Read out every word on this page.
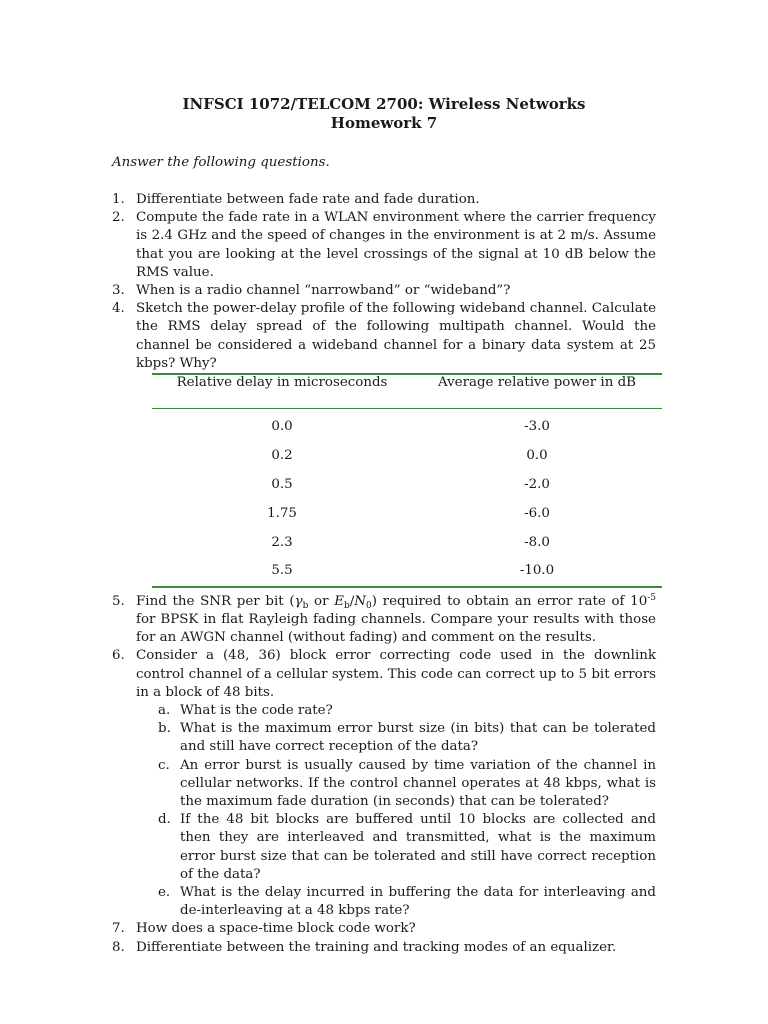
INFSCI 1072/TELCOM 2700: Wireless Networks
Homework 7
Answer the following questions.
1. Differentiate between fade rate and fade duration.
2. Compute the fade rate in a WLAN environment where the carrier frequency is 2.4 GHz and the speed of changes in the environment is at 2 m/s. Assume that you are looking at the level crossings of the signal at 10 dB below the RMS value.
3. When is a radio channel “narrowband” or “wideband”?
4. Sketch the power-delay profile of the following wideband channel. Calculate the RMS delay spread of the following multipath channel. Would the channel be considered a wideband channel for a binary data system at 25 kbps? Why?
Relative delay in microseconds	Average relative power in dB
0.0	-3.0
0.2	0.0
0.5	-2.0
1.75	-6.0
2.3	-8.0
5.5	-10.0
5. Find the SNR per bit ($\gamma_b$ or $E_b/N_0$) required to obtain an error rate of $10^{-5}$ for BPSK in flat Rayleigh fading channels. Compare your results with those for an AWGN channel (without fading) and comment on the results.
6. Consider a (48, 36) block error correcting code used in the downlink control channel of a cellular system. This code can correct up to 5 bit errors in a block of 48 bits.
a. What is the code rate?
b. What is the maximum error burst size (in bits) that can be tolerated and still have correct reception of the data?
c. An error burst is usually caused by time variation of the channel in cellular networks. If the control channel operates at 48 kbps, what is the maximum fade duration (in seconds) that can be tolerated?
d. If the 48 bit blocks are buffered until 10 blocks are collected and then they are interleaved and transmitted, what is the maximum error burst size that can be tolerated and still have correct reception of the data?
e. What is the delay incurred in buffering the data for interleaving and de-interleaving at a 48 kbps rate?
7. How does a space-time block code work?
8. Differentiate between the training and tracking modes of an equalizer.
